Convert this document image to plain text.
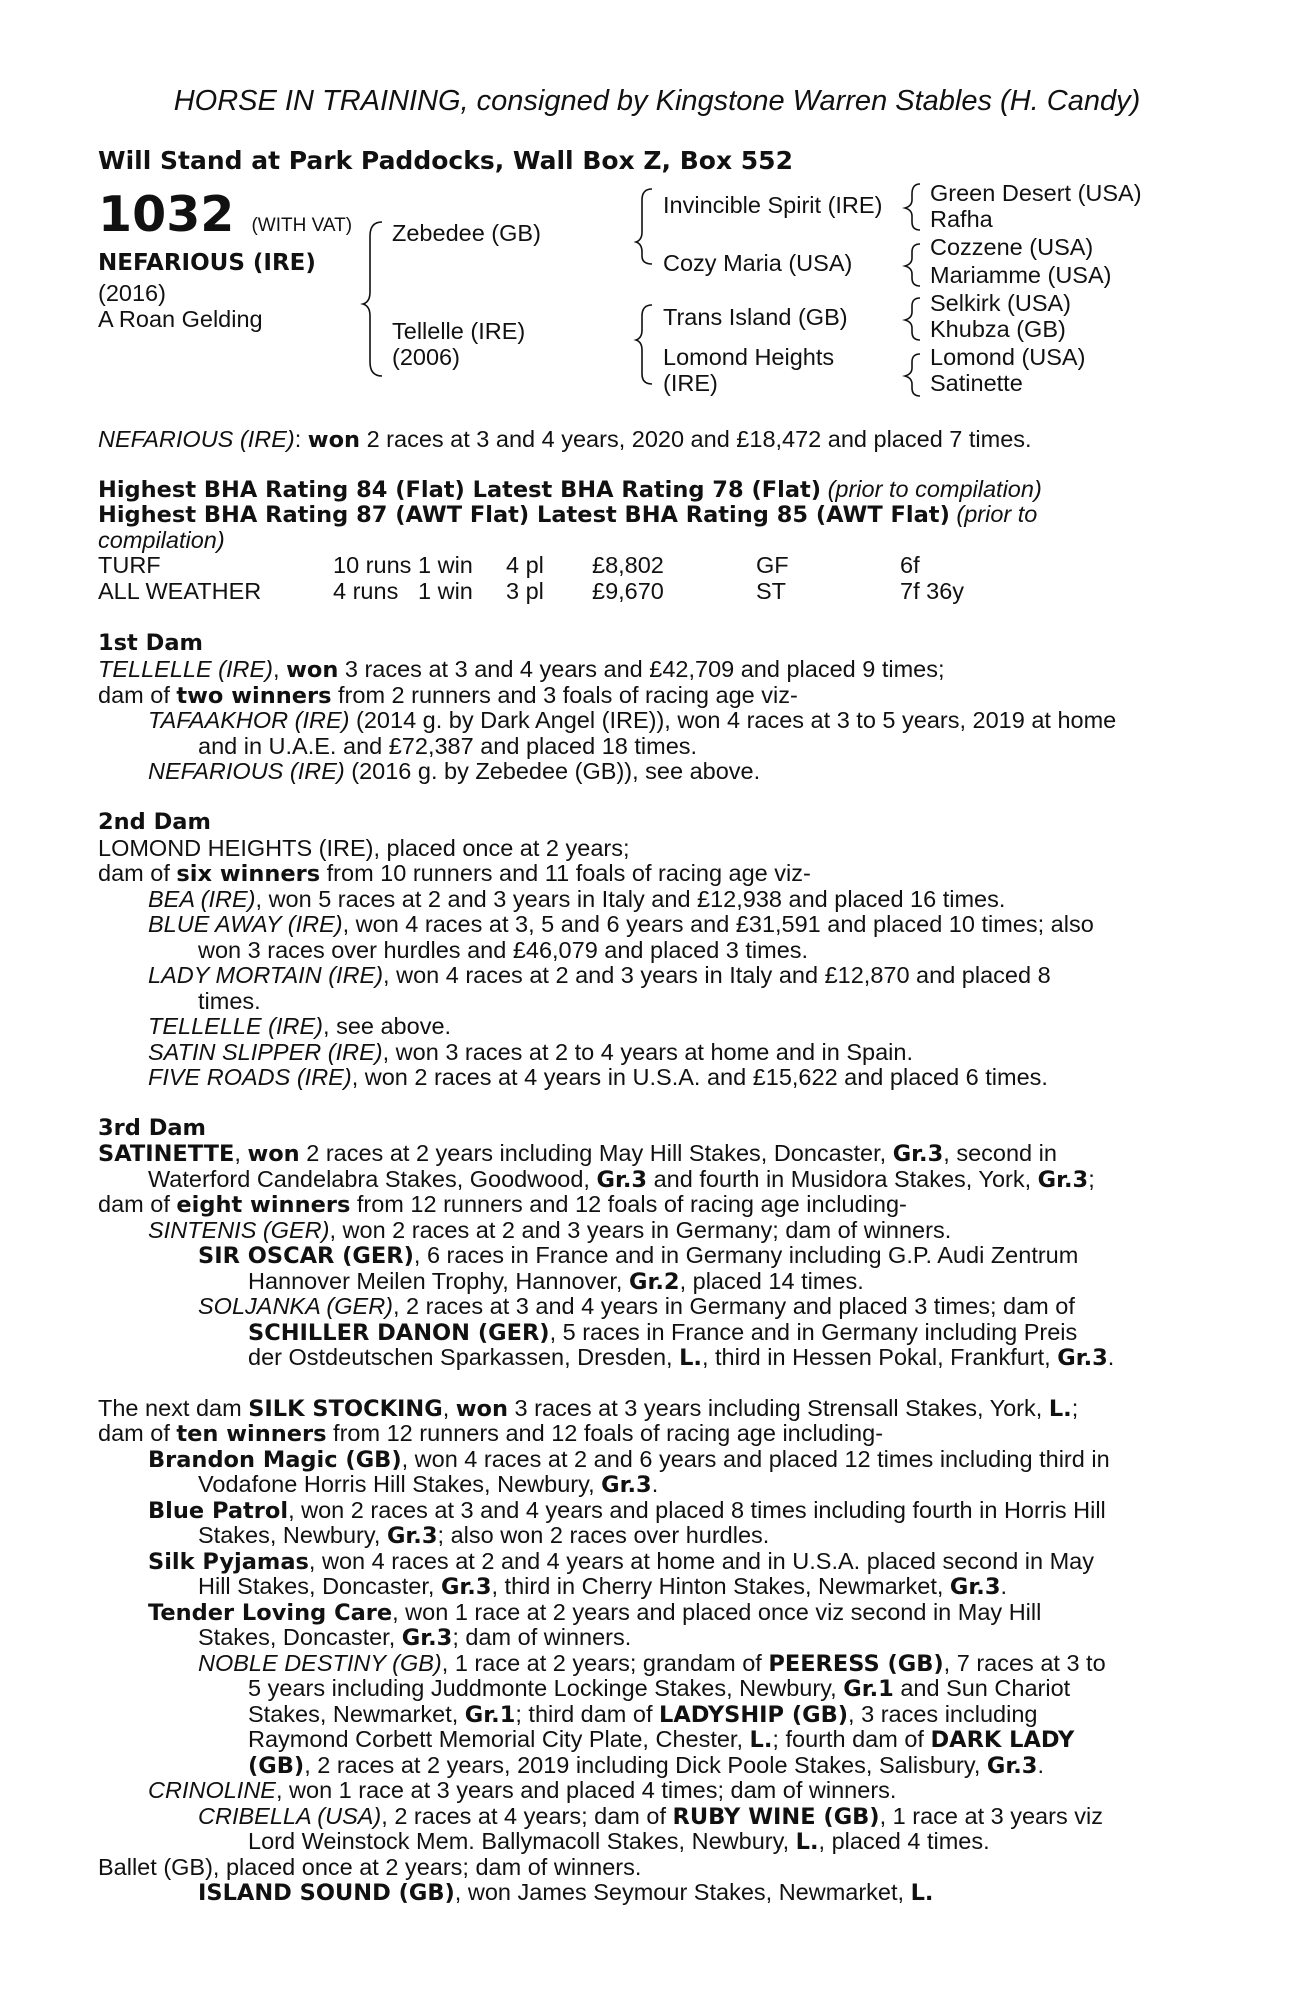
HORSE IN TRAINING, consigned by Kingstone Warren Stables (H. Candy)
Will Stand at Park Paddocks, Wall Box Z, Box 552
1032 (WITH VAT)
NEFARIOUS (IRE)
(2016)
A Roan Gelding
Zebedee (GB)
Tellelle (IRE)
(2006)
Invincible Spirit (IRE)
Cozy Maria (USA)
Trans Island (GB)
Lomond Heights
(IRE)
Green Desert (USA)
Rafha
Cozzene (USA)
Mariamme (USA)
Selkirk (USA)
Khubza (GB)
Lomond (USA)
Satinette
NEFARIOUS (IRE): won 2 races at 3 and 4 years, 2020 and £18,472 and placed 7 times.
Highest BHA Rating 84 (Flat) Latest BHA Rating 78 (Flat) (prior to compilation)
Highest BHA Rating 87 (AWT Flat) Latest BHA Rating 85 (AWT Flat) (prior to
compilation)
TURF	10 runs 1 win 4 pl £8,802	GF	6f
ALL WEATHER	4 runs 1 win 3 pl £9,670	ST	7f 36y
1st Dam
TELLELLE (IRE), won 3 races at 3 and 4 years and £42,709 and placed 9 times;
dam of two winners from 2 runners and 3 foals of racing age viz-
TAFAAKHOR (IRE) (2014 g. by Dark Angel (IRE)), won 4 races at 3 to 5 years, 2019 at home
and in U.A.E. and £72,387 and placed 18 times.
NEFARIOUS (IRE) (2016 g. by Zebedee (GB)), see above.
2nd Dam
LOMOND HEIGHTS (IRE), placed once at 2 years;
dam of six winners from 10 runners and 11 foals of racing age viz-
BEA (IRE), won 5 races at 2 and 3 years in Italy and £12,938 and placed 16 times.
BLUE AWAY (IRE), won 4 races at 3, 5 and 6 years and £31,591 and placed 10 times; also
won 3 races over hurdles and £46,079 and placed 3 times.
LADY MORTAIN (IRE), won 4 races at 2 and 3 years in Italy and £12,870 and placed 8
times.
TELLELLE (IRE), see above.
SATIN SLIPPER (IRE), won 3 races at 2 to 4 years at home and in Spain.
FIVE ROADS (IRE), won 2 races at 4 years in U.S.A. and £15,622 and placed 6 times.
3rd Dam
SATINETTE, won 2 races at 2 years including May Hill Stakes, Doncaster, Gr.3, second in
Waterford Candelabra Stakes, Goodwood, Gr.3 and fourth in Musidora Stakes, York, Gr.3;
dam of eight winners from 12 runners and 12 foals of racing age including-
SINTENIS (GER), won 2 races at 2 and 3 years in Germany; dam of winners.
SIR OSCAR (GER), 6 races in France and in Germany including G.P. Audi Zentrum
Hannover Meilen Trophy, Hannover, Gr.2, placed 14 times.
SOLJANKA (GER), 2 races at 3 and 4 years in Germany and placed 3 times; dam of
SCHILLER DANON (GER), 5 races in France and in Germany including Preis
der Ostdeutschen Sparkassen, Dresden, L., third in Hessen Pokal, Frankfurt, Gr.3.
The next dam SILK STOCKING, won 3 races at 3 years including Strensall Stakes, York, L.;
dam of ten winners from 12 runners and 12 foals of racing age including-
Brandon Magic (GB), won 4 races at 2 and 6 years and placed 12 times including third in
Vodafone Horris Hill Stakes, Newbury, Gr.3.
Blue Patrol, won 2 races at 3 and 4 years and placed 8 times including fourth in Horris Hill
Stakes, Newbury, Gr.3; also won 2 races over hurdles.
Silk Pyjamas, won 4 races at 2 and 4 years at home and in U.S.A. placed second in May
Hill Stakes, Doncaster, Gr.3, third in Cherry Hinton Stakes, Newmarket, Gr.3.
Tender Loving Care, won 1 race at 2 years and placed once viz second in May Hill
Stakes, Doncaster, Gr.3; dam of winners.
NOBLE DESTINY (GB), 1 race at 2 years; grandam of PEERESS (GB), 7 races at 3 to
5 years including Juddmonte Lockinge Stakes, Newbury, Gr.1 and Sun Chariot
Stakes, Newmarket, Gr.1; third dam of LADYSHIP (GB), 3 races including
Raymond Corbett Memorial City Plate, Chester, L.; fourth dam of DARK LADY
(GB), 2 races at 2 years, 2019 including Dick Poole Stakes, Salisbury, Gr.3.
CRINOLINE, won 1 race at 3 years and placed 4 times; dam of winners.
CRIBELLA (USA), 2 races at 4 years; dam of RUBY WINE (GB), 1 race at 3 years viz
Lord Weinstock Mem. Ballymacoll Stakes, Newbury, L., placed 4 times.
Ballet (GB), placed once at 2 years; dam of winners.
ISLAND SOUND (GB), won James Seymour Stakes, Newmarket, L.
